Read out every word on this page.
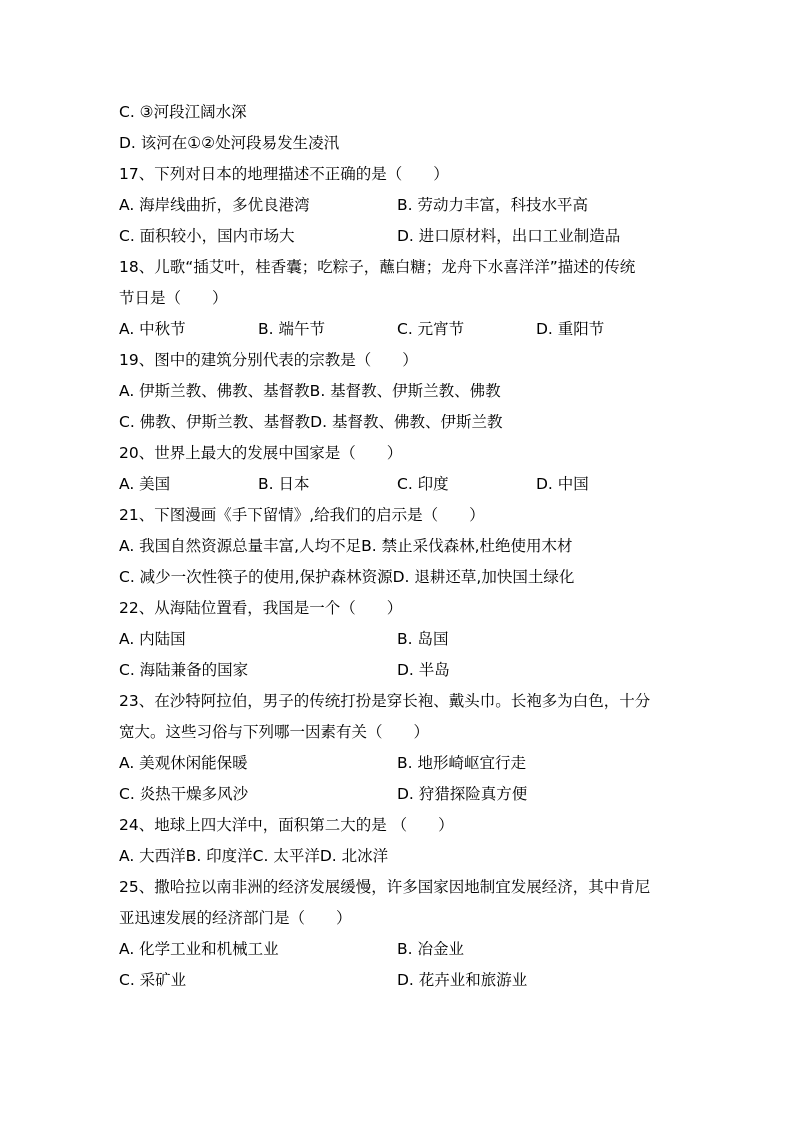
C. ③河段江阔水深
D. 该河在①②处河段易发生凌汛
17、下列对日本的地理描述不正确的是（　　）
A. 海岸线曲折，多优良港湾	B. 劳动力丰富，科技水平高
C. 面积较小，国内市场大	D. 进口原材料，出口工业制造品
18、儿歌“插艾叶，桂香囊；吃粽子，蘸白糖；龙舟下水喜洋洋”描述的传统
节日是（　　）
A. 中秋节	B. 端午节	C. 元宵节	D. 重阳节
19、图中的建筑分别代表的宗教是（　　）
A. 伊斯兰教、佛教、基督教B. 基督教、伊斯兰教、佛教
C. 佛教、伊斯兰教、基督教D. 基督教、佛教、伊斯兰教
20、世界上最大的发展中国家是（　　）
A. 美国	B. 日本	C. 印度	D. 中国
21、下图漫画《手下留情》,给我们的启示是（　　）
A. 我国自然资源总量丰富,人均不足B. 禁止采伐森林,杜绝使用木材
C. 减少一次性筷子的使用,保护森林资源D. 退耕还草,加快国土绿化
22、从海陆位置看，我国是一个（　　）
A. 内陆国	B. 岛国
C. 海陆兼备的国家	D. 半岛
23、在沙特阿拉伯，男子的传统打扮是穿长袍、戴头巾。长袍多为白色，十分
宽大。这些习俗与下列哪一因素有关（　　）
A. 美观休闲能保暖	B. 地形崎岖宜行走
C. 炎热干燥多风沙	D. 狩猎探险真方便
24、地球上四大洋中，面积第二大的是 （　　）
A. 大西洋B. 印度洋C. 太平洋D. 北冰洋
25、撒哈拉以南非洲的经济发展缓慢，许多国家因地制宜发展经济，其中肯尼
亚迅速发展的经济部门是（　　）
A. 化学工业和机械工业	B. 冶金业
C. 采矿业	D. 花卉业和旅游业
